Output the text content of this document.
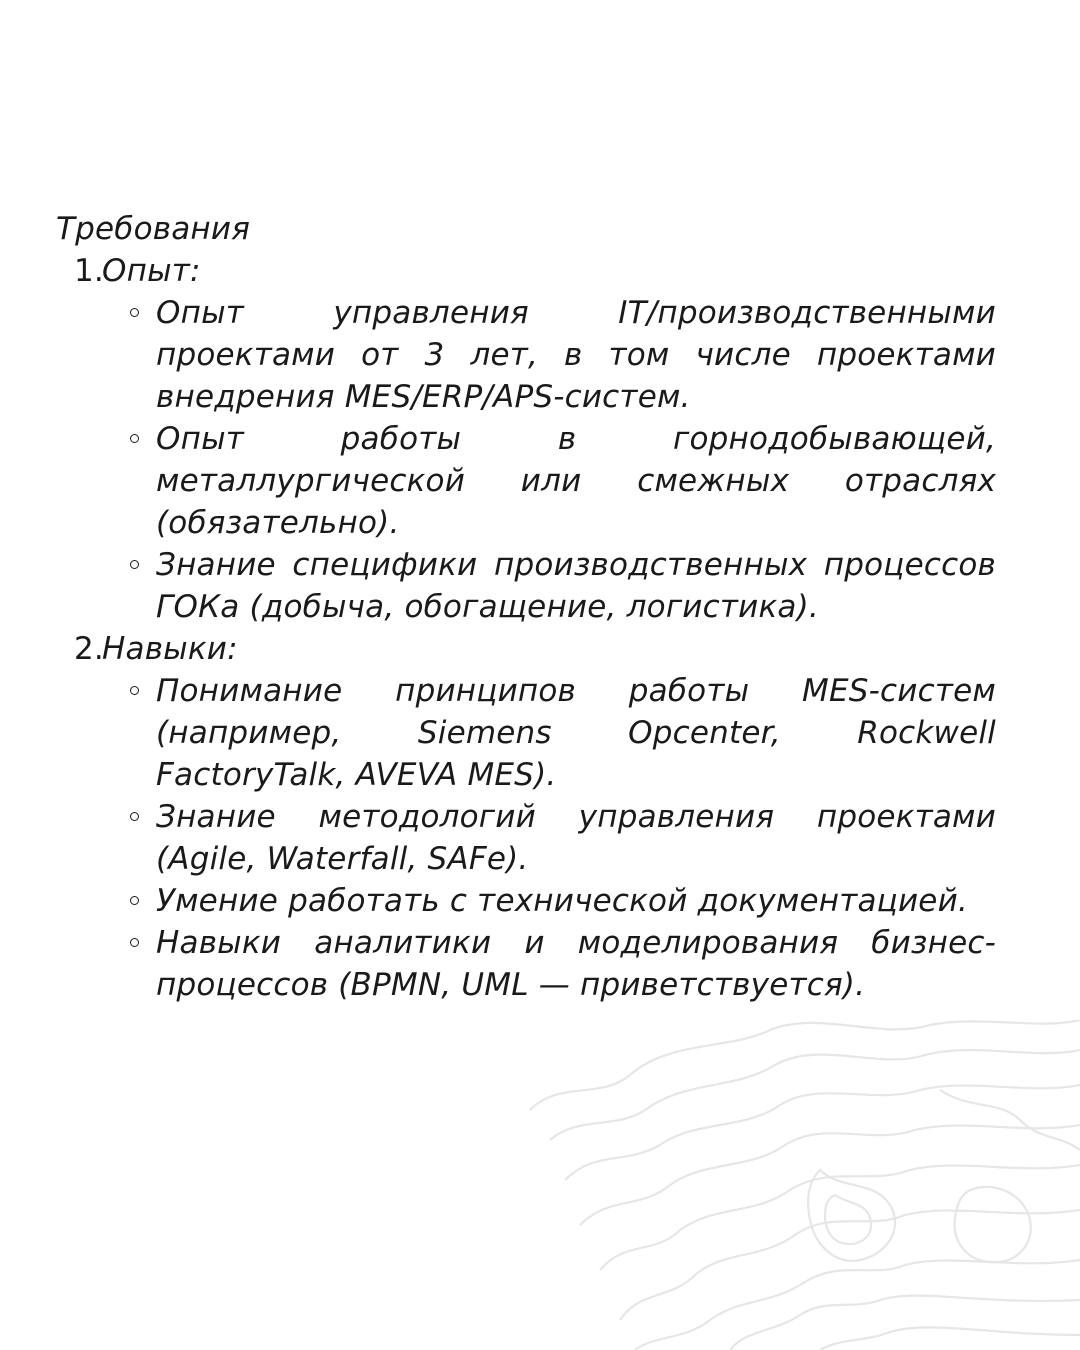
Требования
1.
Опыт:
Опыт управления IT/производственными проектами от 3 лет, в том числе проектами внедрения MES/ERP/APS-систем.
Опыт работы в горнодобывающей, металлургической или смежных отраслях (обязательно).
Знание специфики производственных процессов ГОКа (добыча, обогащение, логистика).
2.
Навыки:
Понимание принципов работы MES-систем (например, Siemens Opcenter, Rockwell FactoryTalk, AVEVA MES).
Знание методологий управления проектами (Agile, Waterfall, SAFe).
Умение работать с технической документацией.
Навыки аналитики и моделирования бизнес-процессов (BPMN, UML — приветствуется).
